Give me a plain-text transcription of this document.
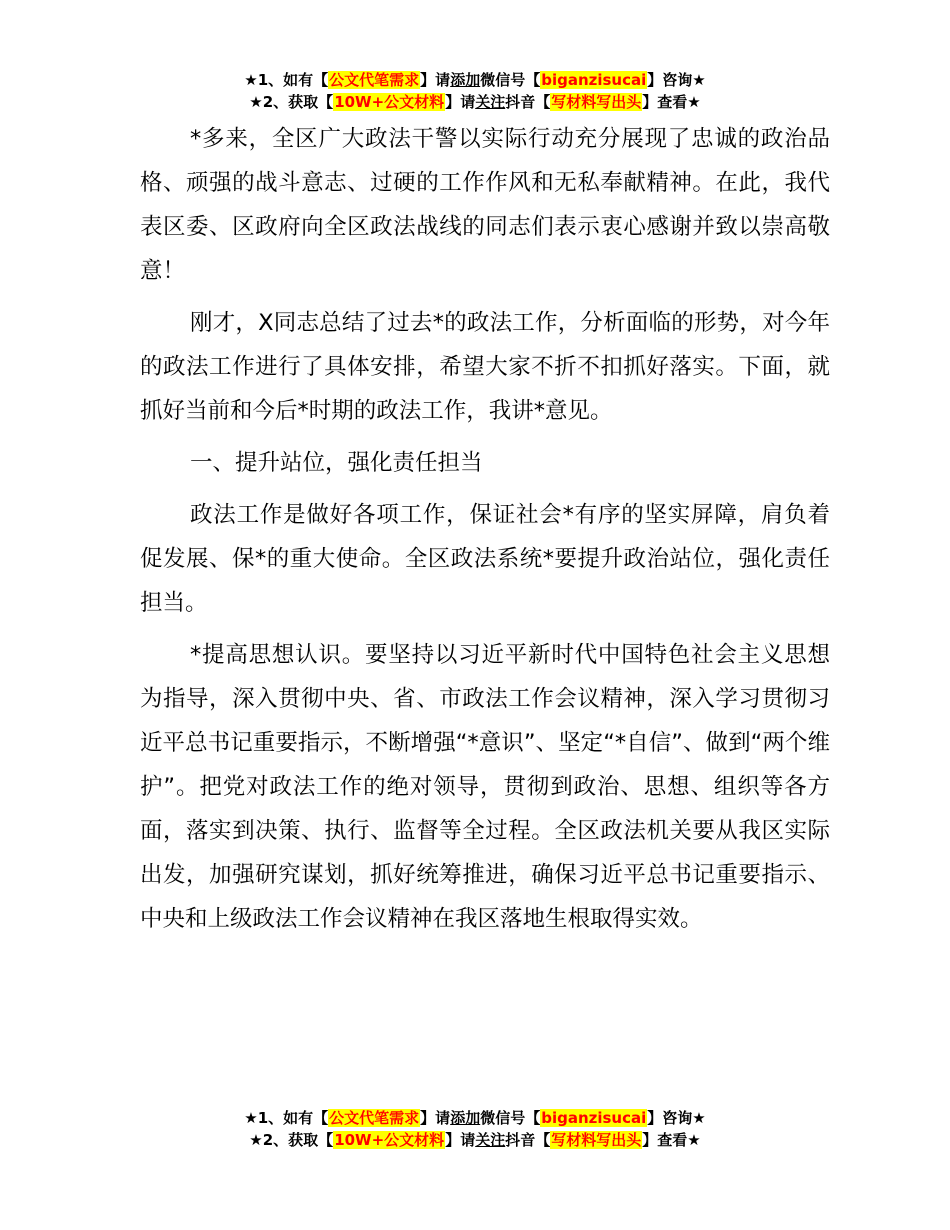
★1、如有【公文代笔需求】请添加微信号【biganzisucai】咨询★
★2、获取【10W+公文材料】请关注抖音【写材料写出头】查看★

*多来，全区广大政法干警以实际行动充分展现了忠诚的政治品格、顽强的战斗意志、过硬的工作作风和无私奉献精神。在此，我代表区委、区政府向全区政法战线的同志们表示衷心感谢并致以崇高敬意！

刚才，X同志总结了过去*的政法工作，分析面临的形势，对今年的政法工作进行了具体安排，希望大家不折不扣抓好落实。下面，就抓好当前和今后*时期的政法工作，我讲*意见。

一、提升站位，强化责任担当

政法工作是做好各项工作，保证社会*有序的坚实屏障，肩负着促发展、保*的重大使命。全区政法系统*要提升政治站位，强化责任担当。

*提高思想认识。要坚持以习近平新时代中国特色社会主义思想为指导，深入贯彻中央、省、市政法工作会议精神，深入学习贯彻习近平总书记重要指示，不断增强“*意识”、坚定“*自信”、做到“两个维护”。把党对政法工作的绝对领导，贯彻到政治、思想、组织等各方面，落实到决策、执行、监督等全过程。全区政法机关要从我区实际出发，加强研究谋划，抓好统筹推进，确保习近平总书记重要指示、中央和上级政法工作会议精神在我区落地生根取得实效。

★1、如有【公文代笔需求】请添加微信号【biganzisucai】咨询★
★2、获取【10W+公文材料】请关注抖音【写材料写出头】查看★
